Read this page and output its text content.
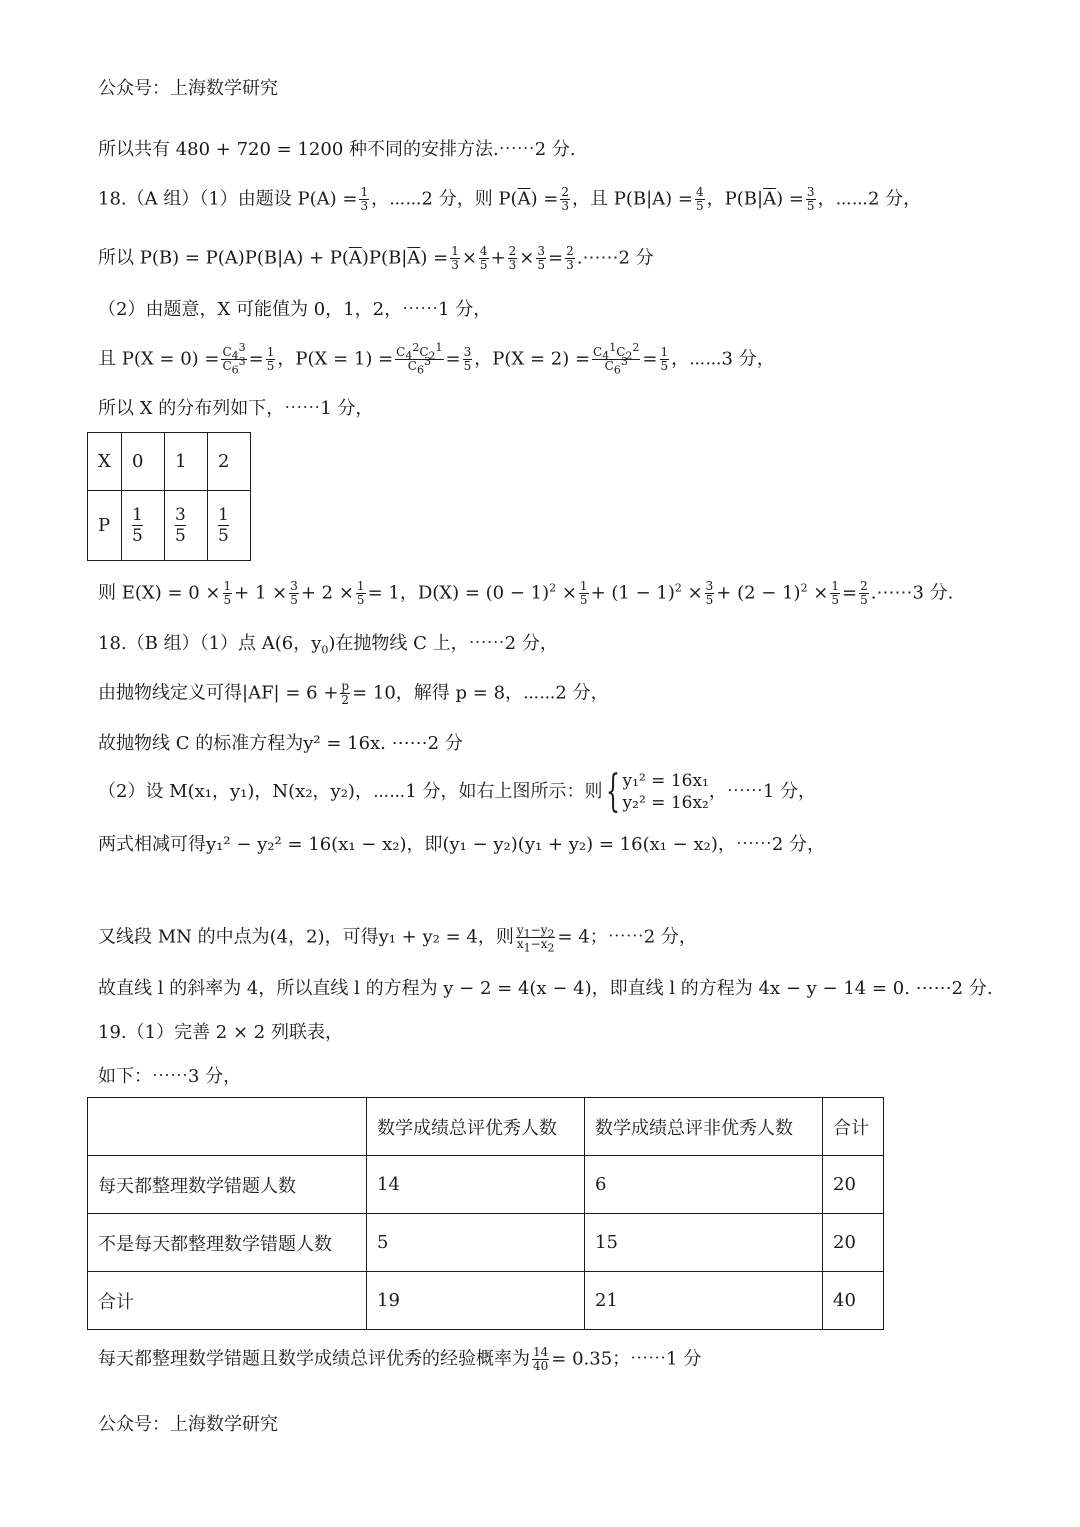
公众号：上海数学研究
所以共有 480 + 720 = 1200 种不同的安排方法.⋯⋯2 分.
18.（A 组）（1）由题设 $P(A) = \frac{1}{3}$ ，⋯⋯2 分，则 $P(\overline{A}) = \frac{2}{3}$ ，且 $P(B|A) = \frac{4}{5}$ ，$P(B|\overline{A}) = \frac{3}{5}$ ，⋯⋯2 分，
所以 $P(B) = P(A)P(B|A) + P(\overline{A})P(B|\overline{A}) = \frac{1}{3} \times \frac{4}{5} + \frac{2}{3} \times \frac{3}{5} = \frac{2}{3}$ .⋯⋯2 分
（2）由题意，X 可能值为 0，1，2，⋯⋯1 分，
且 $P(X = 0) = \frac{C_4^3}{C_6^3} = \frac{1}{5}$ ，$P(X = 1) = \frac{C_4^2C_2^1}{C_6^3} = \frac{3}{5}$ ，$P(X = 2) = \frac{C_4^1C_2^2}{C_6^3} = \frac{1}{5}$ ，⋯⋯3 分，
所以 X 的分布列如下，⋯⋯1 分，
X	0	1	2
P	$\frac{1}{5}$	$\frac{3}{5}$	$\frac{1}{5}$
则 $E(X) = 0 \times \frac{1}{5} + 1 \times \frac{3}{5} + 2 \times \frac{1}{5} = 1$，$D(X) = (0 - 1)^2 \times \frac{1}{5} + (1 - 1)^2 \times \frac{3}{5} + (2 - 1)^2 \times \frac{1}{5} = \frac{2}{5}$ .⋯⋯3 分.
18.（B 组）（1）点 A(6，$y_0$)在抛物线 C 上，⋯⋯2 分，
由抛物线定义可得$|AF| = 6 + \frac{p}{2} = 10$，解得 p = 8，⋯⋯2 分，
故抛物线 C 的标准方程为y² = 16x. ⋯⋯2 分
（2）设 M(x₁，y₁)，N(x₂，y₂)，⋯⋯1 分，如右上图所示：则{ y₁² = 16x₁
y₂² = 16x₂
，⋯⋯1 分，
两式相减可得y₁² − y₂² = 16(x₁ − x₂)，即(y₁ − y₂)(y₁ + y₂) = 16(x₁ − x₂)，⋯⋯2 分，
又线段 MN 的中点为(4，2)，可得y₁ + y₂ = 4，则 $\frac{y_1-y_2}{x_1-x_2} = 4$；⋯⋯2 分，
故直线 l 的斜率为 4，所以直线 l 的方程为 y − 2 = 4(x − 4)，即直线 l 的方程为 4x − y − 14 = 0. ⋯⋯2 分.
19.（1）完善 2 × 2 列联表，
如下：⋯⋯3 分，
	数学成绩总评优秀人数	数学成绩总评非优秀人数	合计
每天都整理数学错题人数	14	6	20
不是每天都整理数学错题人数	5	15	20
合计	19	21	40
每天都整理数学错题且数学成绩总评优秀的经验概率为 $\frac{14}{40} = 0.35$；⋯⋯1 分
公众号：上海数学研究
